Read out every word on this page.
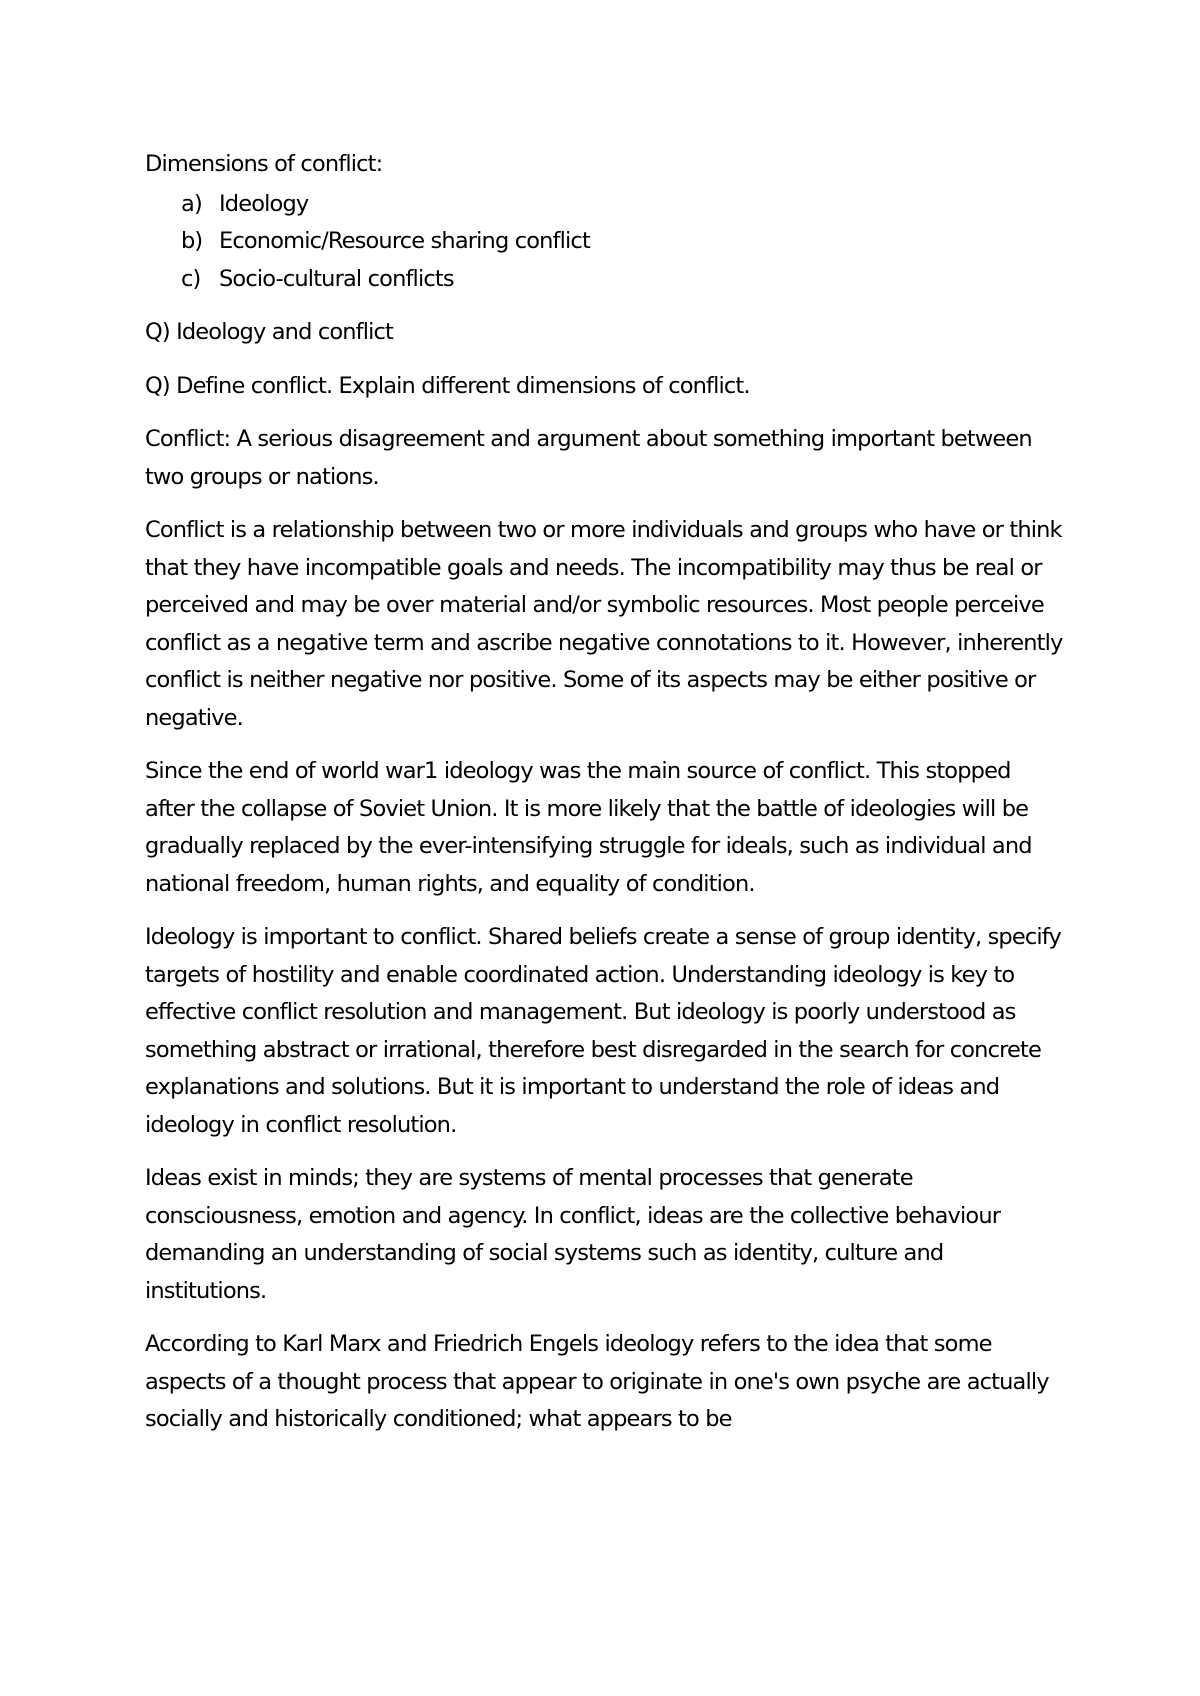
Dimensions of conflict:

a) Ideology
b) Economic/Resource sharing conflict
c) Socio-cultural conflicts

Q) Ideology and conflict

Q) Define conflict. Explain different dimensions of conflict.

Conflict: A serious disagreement and argument about something important between two groups or nations.

Conflict is a relationship between two or more individuals and groups who have or think that they have incompatible goals and needs. The incompatibility may thus be real or perceived and may be over material and/or symbolic resources. Most people perceive conflict as a negative term and ascribe negative connotations to it. However, inherently conflict is neither negative nor positive. Some of its aspects may be either positive or negative.

Since the end of world war1 ideology was the main source of conflict. This stopped after the collapse of Soviet Union. It is more likely that the battle of ideologies will be gradually replaced by the ever-intensifying struggle for ideals, such as individual and national freedom, human rights, and equality of condition.

Ideology is important to conflict. Shared beliefs create a sense of group identity, specify targets of hostility and enable coordinated action. Understanding ideology is key to effective conflict resolution and management. But ideology is poorly understood as something abstract or irrational, therefore best disregarded in the search for concrete explanations and solutions. But it is important to understand the role of ideas and ideology in conflict resolution.

Ideas exist in minds; they are systems of mental processes that generate consciousness, emotion and agency. In conflict, ideas are the collective behaviour demanding an understanding of social systems such as identity, culture and institutions.

According to Karl Marx and Friedrich Engels ideology refers to the idea that some aspects of a thought process that appear to originate in one's own psyche are actually socially and historically conditioned; what appears to be
